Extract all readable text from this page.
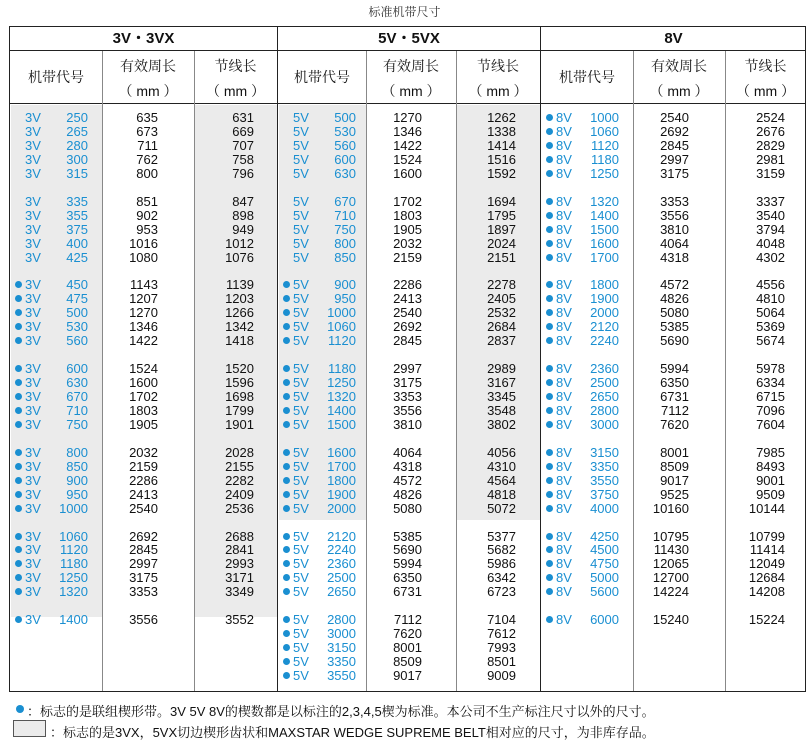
标准机带尺寸
3V・3VX	5V・5VX	8V
机带代号
有效周长
（ mm ）
节线长
（ mm ）
3V	250	635	631
3V	265	673	669
3V	280	711	707
3V	300	762	758
3V	315	800	796
3V	335	851	847
3V	355	902	898
3V	375	953	949
3V	400	1016	1012
3V	425	1080	1076
3V	450	1143	1139
3V	475	1207	1203
3V	500	1270	1266
3V	530	1346	1342
3V	560	1422	1418
3V	600	1524	1520
3V	630	1600	1596
3V	670	1702	1698
3V	710	1803	1799
3V	750	1905	1901
3V	800	2032	2028
3V	850	2159	2155
3V	900	2286	2282
3V	950	2413	2409
3V	1000	2540	2536
3V	1060	2692	2688
3V	1120	2845	2841
3V	1180	2997	2993
3V	1250	3175	3171
3V	1320	3353	3349
3V	1400	3556	3552
机带代号
有效周长
（ mm ）
节线长
（ mm ）
5V	500	1270	1262
5V	530	1346	1338
5V	560	1422	1414
5V	600	1524	1516
5V	630	1600	1592
5V	670	1702	1694
5V	710	1803	1795
5V	750	1905	1897
5V	800	2032	2024
5V	850	2159	2151
5V	900	2286	2278
5V	950	2413	2405
5V	1000	2540	2532
5V	1060	2692	2684
5V	1120	2845	2837
5V	1180	2997	2989
5V	1250	3175	3167
5V	1320	3353	3345
5V	1400	3556	3548
5V	1500	3810	3802
5V	1600	4064	4056
5V	1700	4318	4310
5V	1800	4572	4564
5V	1900	4826	4818
5V	2000	5080	5072
5V	2120	5385	5377
5V	2240	5690	5682
5V	2360	5994	5986
5V	2500	6350	6342
5V	2650	6731	6723
5V	2800	7112	7104
5V	3000	7620	7612
5V	3150	8001	7993
5V	3350	8509	8501
5V	3550	9017	9009
机带代号
有效周长
（ mm ）
节线长
（ mm ）
8V	1000	2540	2524
8V	1060	2692	2676
8V	1120	2845	2829
8V	1180	2997	2981
8V	1250	3175	3159
8V	1320	3353	3337
8V	1400	3556	3540
8V	1500	3810	3794
8V	1600	4064	4048
8V	1700	4318	4302
8V	1800	4572	4556
8V	1900	4826	4810
8V	2000	5080	5064
8V	2120	5385	5369
8V	2240	5690	5674
8V	2360	5994	5978
8V	2500	6350	6334
8V	2650	6731	6715
8V	2800	7112	7096
8V	3000	7620	7604
8V	3150	8001	7985
8V	3350	8509	8493
8V	3550	9017	9001
8V	3750	9525	9509
8V	4000	10160	10144
8V	4250	10795	10799
8V	4500	11430	11414
8V	4750	12065	12049
8V	5000	12700	12684
8V	5600	14224	14208
8V	6000	15240	15224
：标志的是联组楔形带。3V 5V 8V的楔数都是以标注的2,3,4,5楔为标准。本公司不生产标注尺寸以外的尺寸。
：标志的是3VX，5VX切边楔形齿状和MAXSTAR WEDGE SUPREME BELT相对应的尺寸，为非库存品。
